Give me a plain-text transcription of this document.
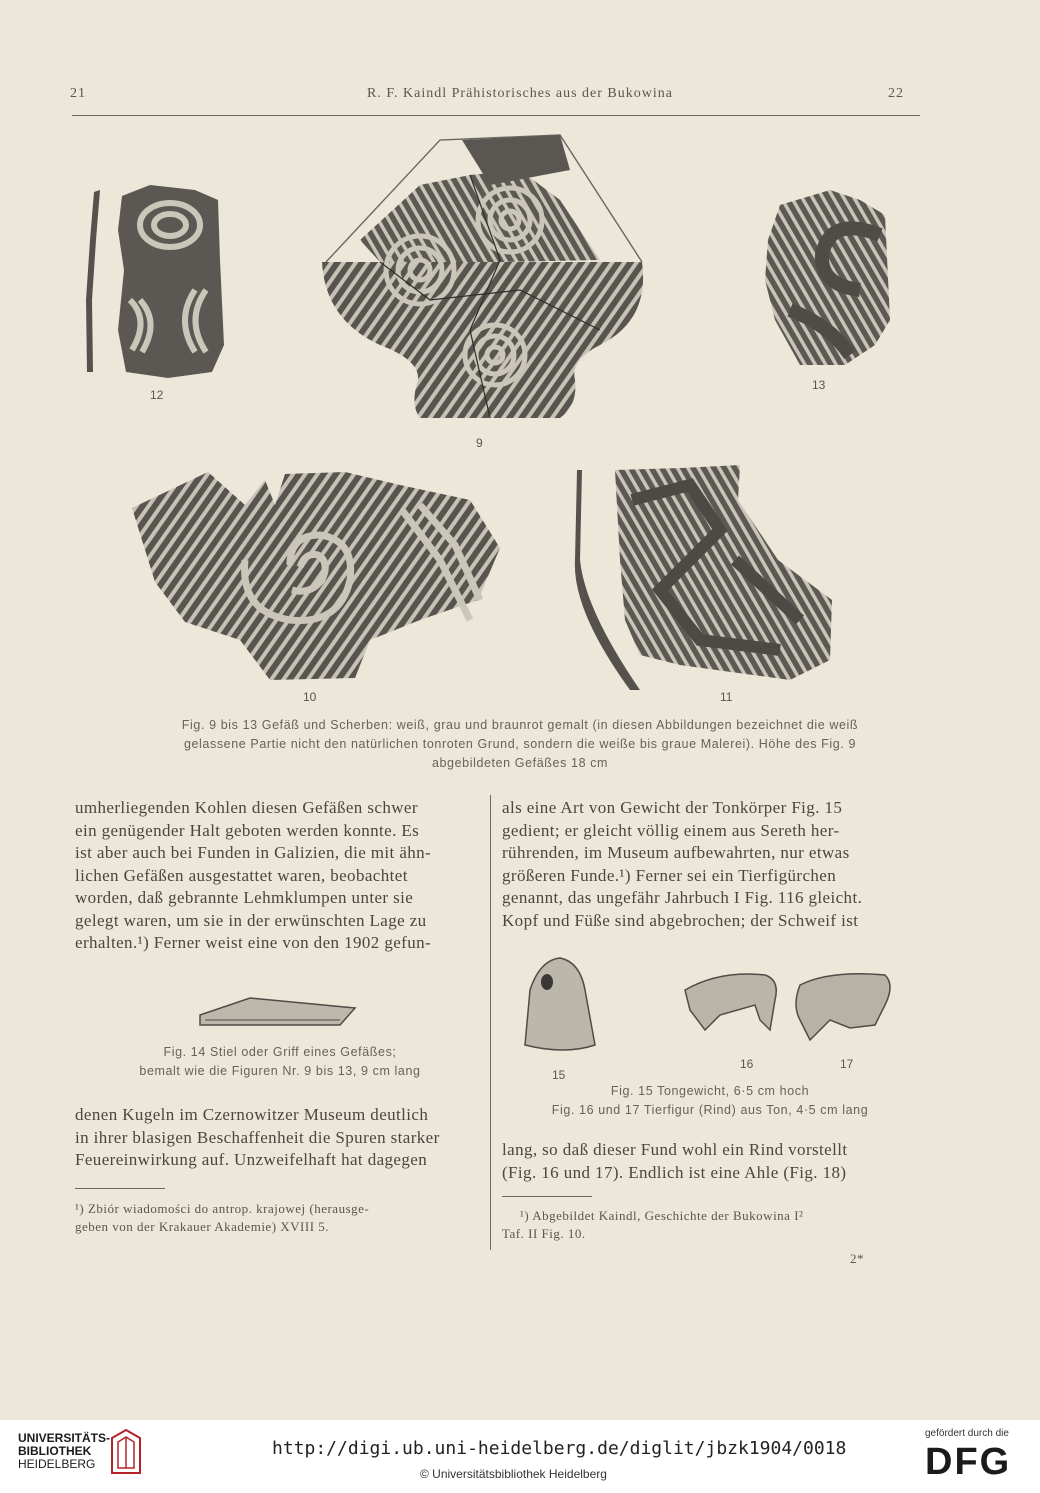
21	R. F. Kaindl Prähistorisches aus der Bukowina	22
12
9
13
10	11
Fig. 9 bis 13 Gefäß und Scherben: weiß, grau und braunrot gemalt (in diesen Abbildungen bezeichnet die weiß
gelassene Partie nicht den natürlichen tonroten Grund, sondern die weiße bis graue Malerei). Höhe des Fig. 9
abgebildeten Gefäßes 18 cm

umherliegenden Kohlen diesen Gefäßen schwer

ein genügender Halt geboten werden konnte. Es

ist aber auch bei Funden in Galizien, die mit ähn-

lichen Gefäßen ausgestattet waren, beobachtet

worden, daß gebrannte Lehmklumpen unter sie

gelegt waren, um sie in der erwünschten Lage zu

erhalten.¹) Ferner weist eine von den 1902 gefun-

Fig. 14 Stiel oder Griff eines Gefäßes;
bemalt wie die Figuren Nr. 9 bis 13, 9 cm lang

denen Kugeln im Czernowitzer Museum deutlich

in ihrer blasigen Beschaffenheit die Spuren starker

Feuereinwirkung auf. Unzweifelhaft hat dagegen

¹) Zbiór wiadomości do antrop. krajowej (herausge-
geben von der Krakauer Akademie) XVIII 5.

als eine Art von Gewicht der Tonkörper Fig. 15

gedient; er gleicht völlig einem aus Sereth her-

rührenden, im Museum aufbewahrten, nur etwas

größeren Funde.¹) Ferner sei ein Tierfigürchen

genannt, das ungefähr Jahrbuch I Fig. 116 gleicht.

Kopf und Füße sind abgebrochen; der Schweif ist

15
16	17
Fig. 15 Tongewicht, 6·5 cm hoch
Fig. 16 und 17 Tierfigur (Rind) aus Ton, 4·5 cm lang

lang, so daß dieser Fund wohl ein Rind vorstellt

(Fig. 16 und 17). Endlich ist eine Ahle (Fig. 18)

¹) Abgebildet Kaindl, Geschichte der Bukowina I²
Taf. II Fig. 10.
2*
UNIVERSITÄTS-
BIBLIOTHEK
HEIDELBERG
http://digi.ub.uni-heidelberg.de/diglit/jbzk1904/0018
© Universitätsbibliothek Heidelberg
gefördert durch die
DFG
